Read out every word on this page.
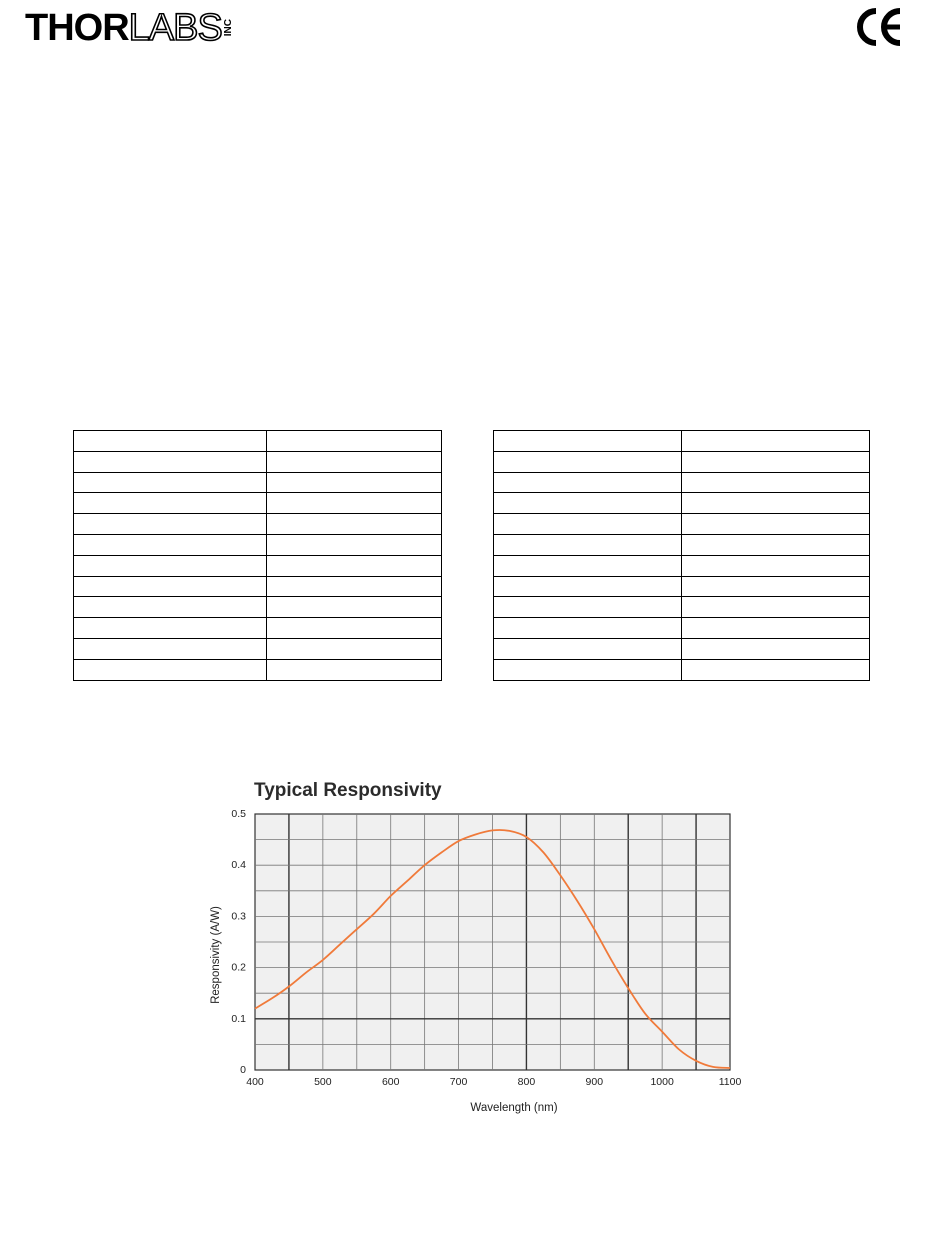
THOR LABS INC

Typical Responsivity
400	500	600	700	800	900	1000	1100
0
0.1
0.2
0.3
0.4
0.5
Wavelength (nm)
Responsivity (A/W)
